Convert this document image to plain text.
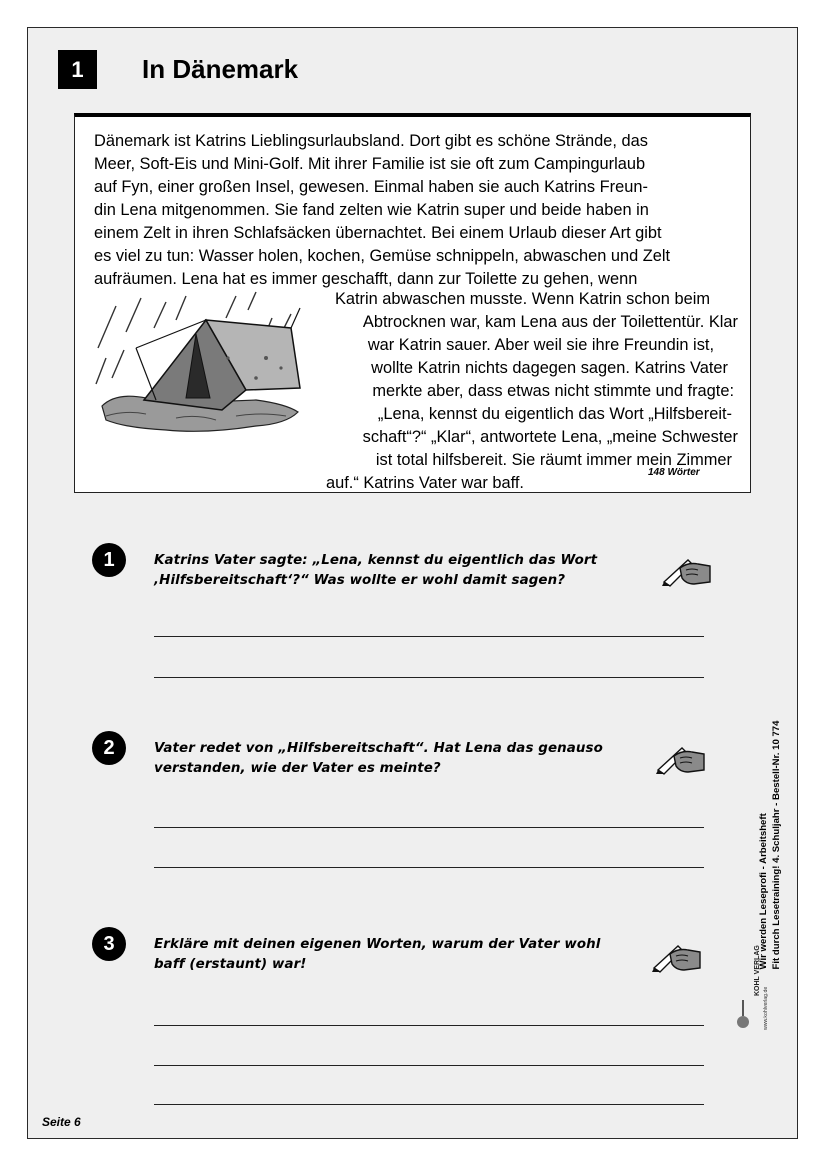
1	In Dänemark
Dänemark ist Katrins Lieblingsurlaubsland. Dort gibt es schöne Strände, das
Meer, Soft-Eis und Mini-Golf. Mit ihrer Familie ist sie oft zum Campingurlaub
auf Fyn, einer großen Insel, gewesen. Einmal haben sie auch Katrins Freun-
din Lena mitgenommen. Sie fand zelten wie Katrin super und beide haben in
einem Zelt in ihren Schlafsäcken übernachtet. Bei einem Urlaub dieser Art gibt
es viel zu tun: Wasser holen, kochen, Gemüse schnippeln, abwaschen und Zelt
aufräumen. Lena hat es immer geschafft, dann zur Toilette zu gehen, wenn
Katrin abwaschen musste. Wenn Katrin schon beim
Abtrocknen war, kam Lena aus der Toilettentür. Klar
war Katrin sauer. Aber weil sie ihre Freundin ist,
wollte Katrin nichts dagegen sagen. Katrins Vater
merkte aber, dass etwas nicht stimmte und fragte:
„Lena, kennst du eigentlich das Wort „Hilfsbereit-
schaft“?“ „Klar“, antwortete Lena, „meine Schwester
ist total hilfsbereit. Sie räumt immer mein Zimmer
auf.“ Katrins Vater war baff.
148 Wörter
1	Katrins Vater sagte: „Lena, kennst du eigentlich das Wort
‚Hilfsbereitschaft‘?“ Was wollte er wohl damit sagen?
2	Vater redet von „Hilfsbereitschaft“. Hat Lena das genauso
verstanden, wie der Vater es meinte?
3	Erkläre mit deinen eigenen Worten, warum der Vater wohl
baff (erstaunt) war!
Seite 6
Wir werden Leseprofi - Arbeitsheft Fit durch Lesetraining! 4. Schuljahr - Bestell-Nr. 10 774
KOHL VERLAG
www.kohlverlag.de
